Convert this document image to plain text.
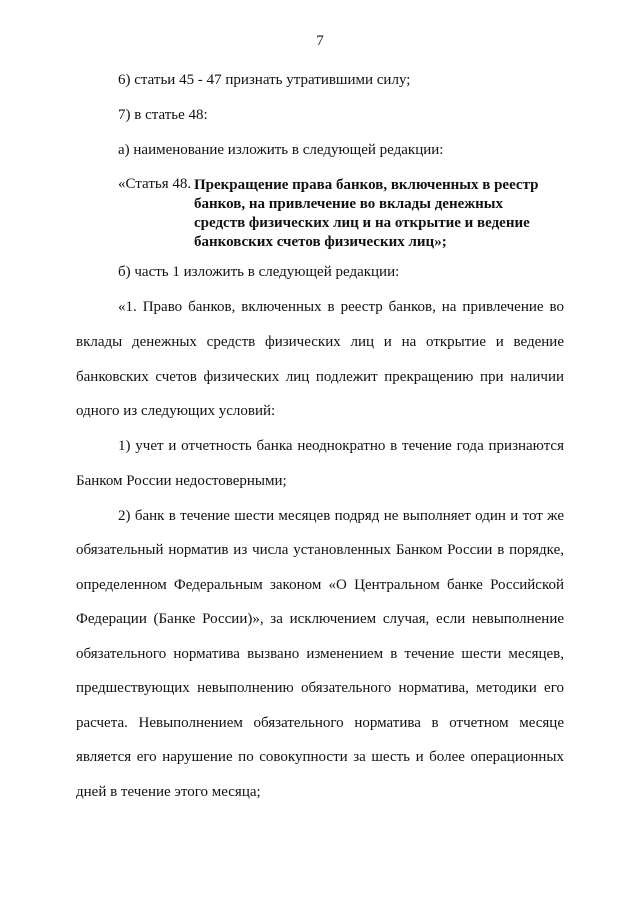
7
6) статьи 45 - 47 признать утратившими силу;
7) в статье 48:
а) наименование изложить в следующей редакции:
«Статья 48. Прекращение права банков, включенных в реестр
банков, на привлечение во вклады денежных
средств физических лиц и на открытие и ведение
банковских счетов физических лиц»;
б) часть 1 изложить в следующей редакции:
«1. Право банков, включенных в реестр банков, на привлечение во
вклады денежных средств физических лиц и на открытие и ведение
банковских счетов физических лиц подлежит прекращению при наличии
одного из следующих условий:
1) учет и отчетность банка неоднократно в течение года признаются
Банком России недостоверными;
2) банк в течение шести месяцев подряд не выполняет один и тот же
обязательный норматив из числа установленных Банком России в порядке,
определенном Федеральным законом «О Центральном банке Российской
Федерации (Банке России)», за исключением случая, если невыполнение
обязательного норматива вызвано изменением в течение шести месяцев,
предшествующих невыполнению обязательного норматива, методики его
расчета. Невыполнением обязательного норматива в отчетном месяце
является его нарушение по совокупности за шесть и более операционных
дней в течение этого месяца;
